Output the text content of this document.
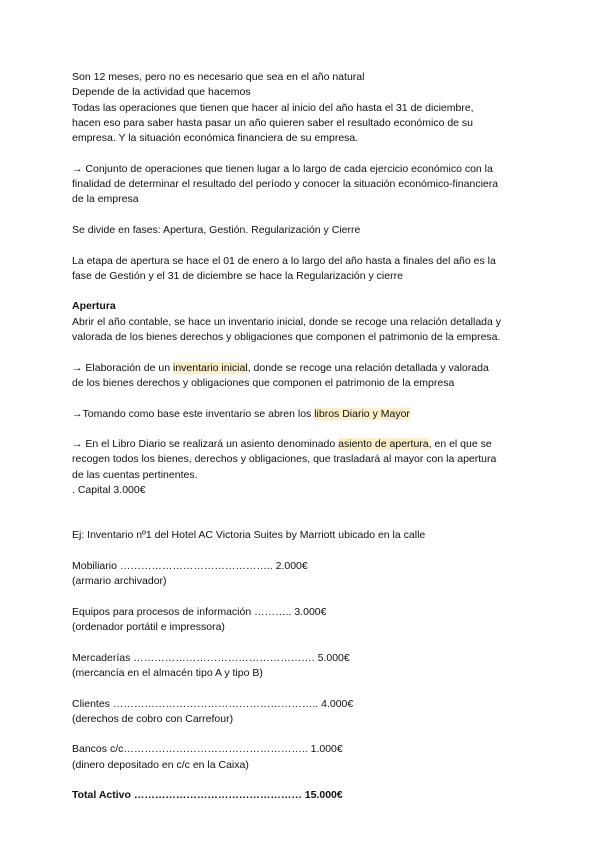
Son 12 meses, pero no es necesario que sea en el año natural

Depende de la actividad que hacemos

Todas las operaciones que tienen que hacer al inicio del año hasta el 31 de diciembre,

hacen eso para saber hasta pasar un año quieren saber el resultado económico de su

empresa. Y la situación económica financiera de su empresa.

→ Conjunto de operaciones que tienen lugar a lo largo de cada ejercicio económico con la

finalidad de determinar el resultado del período y conocer la situación económico-financiera

de la empresa

Se divide en fases: Apertura, Gestión. Regularización y Cierre

La etapa de apertura se hace el 01 de enero a lo largo del año hasta a finales del año es la

fase de Gestión y el 31 de diciembre se hace la Regularización y cierre

Apertura

Abrir el año contable, se hace un inventario inicial, donde se recoge una relación detallada y

valorada de los bienes derechos y obligaciones que componen el patrimonio de la empresa.

→ Elaboración de un inventario inicial, donde se recoge una relación detallada y valorada

de los bienes derechos y obligaciones que componen el patrimonio de la empresa

→Tomando como base este inventario se abren los libros Diario y Mayor

→ En el Libro Diario se realizará un asiento denominado asiento de apertura, en el que se

recogen todos los bienes, derechos y obligaciones, que trasladará al mayor con la apertura

de las cuentas pertinentes.

. Capital 3.000€

Ej: Inventario nº1 del Hotel AC Victoria Suites by Marriott ubicado en la calle

Mobiliario …………………………………….. 2.000€

(armario archivador)

Equipos para procesos de información ……….. 3.000€

(ordenador portátil e impressora)

Mercaderías ……………………………………………. 5.000€

(mercancía en el almacén tipo A y tipo B)

Clientes ………………………………………………….. 4.000€

(derechos de cobro con Carrefour)

Bancos c/c…………………………………………….. 1.000€

(dinero depositado en c/c en la Caixa)

Total Activo ………………………………………… 15.000€
